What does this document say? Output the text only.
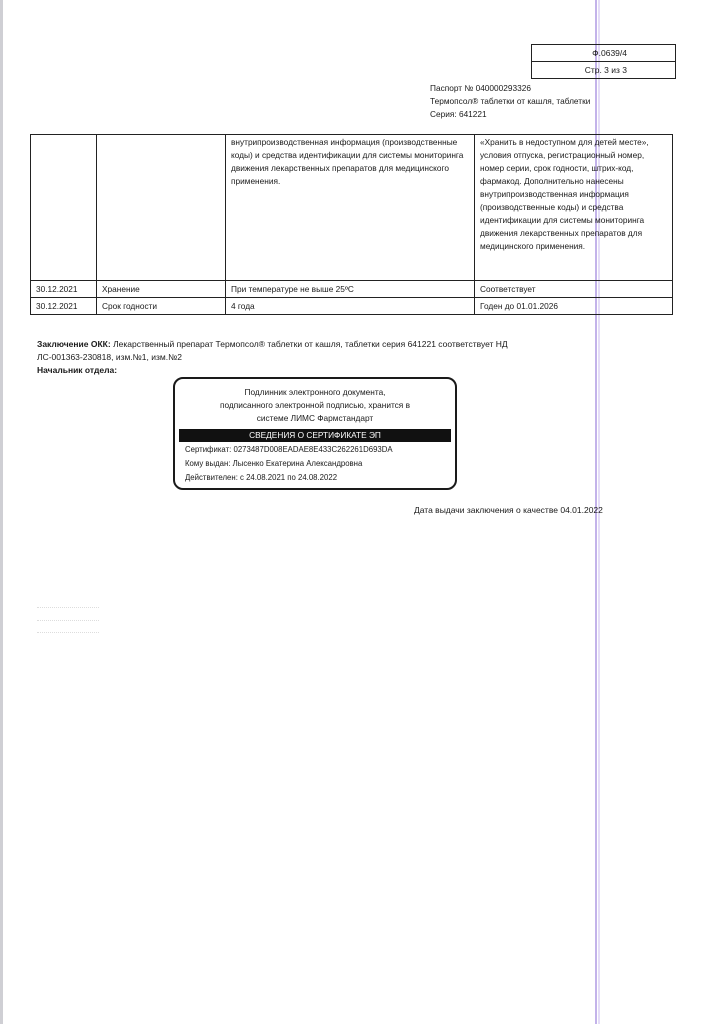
Ф.0639/4
Стр. 3 из 3
Паспорт № 040000293326
Термопсол® таблетки от кашля, таблетки
Серия: 641221
		внутрипроизводственная информация (производственные коды) и средства идентификации для системы мониторинга движения лекарственных препаратов для медицинского применения.	«Хранить в недоступном для детей месте», условия отпуска, регистрационный номер, номер серии, срок годности, штрих-код, фармакод. Дополнительно нанесены внутрипроизводственная информация (производственные коды) и средства идентификации для системы мониторинга движения лекарственных препаратов для медицинского применения.
30.12.2021	Хранение	При температуре не выше 25ºС	Соответствует
30.12.2021	Срок годности	4 года	Годен до 01.01.2026
Заключение ОКК: Лекарственный препарат Термопсол® таблетки от кашля, таблетки серия 641221 соответствует НД ЛС-001363-230818, изм.№1, изм.№2
Начальник отдела:
Подлинник электронного документа,
подписанного электронной подписью, хранится в
системе ЛИМС Фармстандарт
СВЕДЕНИЯ О СЕРТИФИКАТЕ ЭП
Сертификат: 0273487D008EADAE8E433C262261D693DA
Кому выдан: Лысенко Екатерина Александровна
Действителен: с 24.08.2021 по 24.08.2022
Дата выдачи заключения о качестве 04.01.2022
